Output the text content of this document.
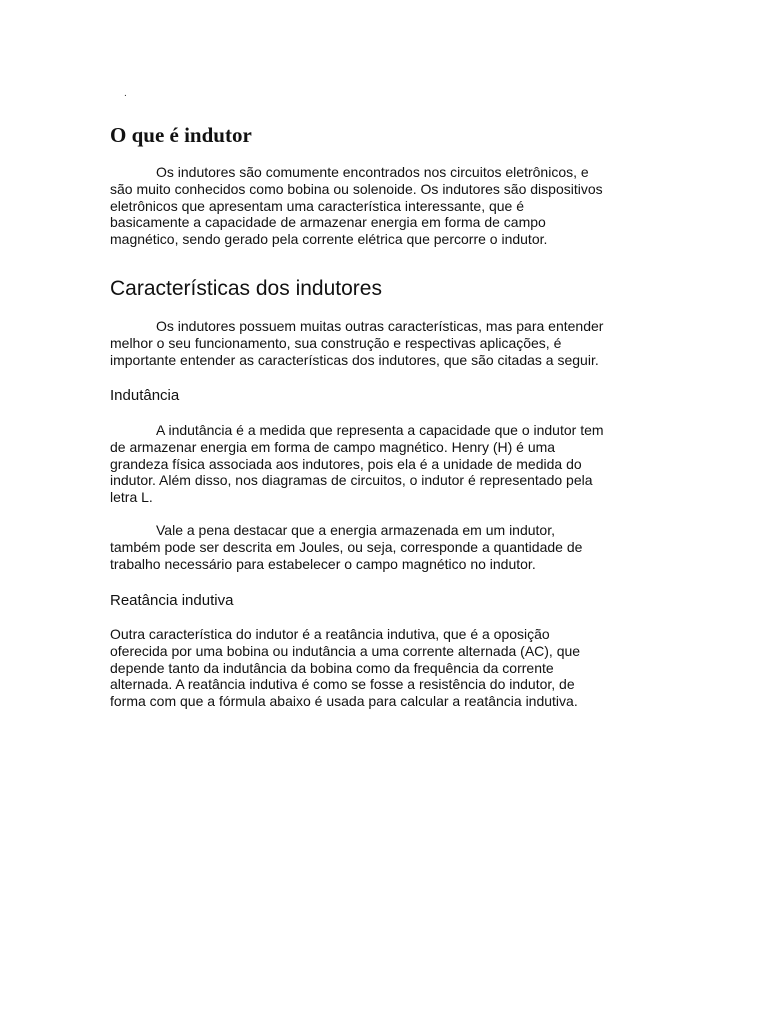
.
O que é indutor

Os indutores são comumente encontrados nos circuitos eletrônicos, e
são muito conhecidos como bobina ou solenoide. Os indutores são dispositivos
eletrônicos que apresentam uma característica interessante, que é
basicamente a capacidade de armazenar energia em forma de campo
magnético, sendo gerado pela corrente elétrica que percorre o indutor.

Características dos indutores

Os indutores possuem muitas outras características, mas para entender
melhor o seu funcionamento, sua construção e respectivas aplicações, é
importante entender as características dos indutores, que são citadas a seguir.

Indutância

A indutância é a medida que representa a capacidade que o indutor tem
de armazenar energia em forma de campo magnético. Henry (H) é uma
grandeza física associada aos indutores, pois ela é a unidade de medida do
indutor. Além disso, nos diagramas de circuitos, o indutor é representado pela
letra L.

Vale a pena destacar que a energia armazenada em um indutor,
também pode ser descrita em Joules, ou seja, corresponde a quantidade de
trabalho necessário para estabelecer o campo magnético no indutor.

Reatância indutiva

Outra característica do indutor é a reatância indutiva, que é a oposição
oferecida por uma bobina ou indutância a uma corrente alternada (AC), que
depende tanto da indutância da bobina como da frequência da corrente
alternada. A reatância indutiva é como se fosse a resistência do indutor, de
forma com que a fórmula abaixo é usada para calcular a reatância indutiva.
